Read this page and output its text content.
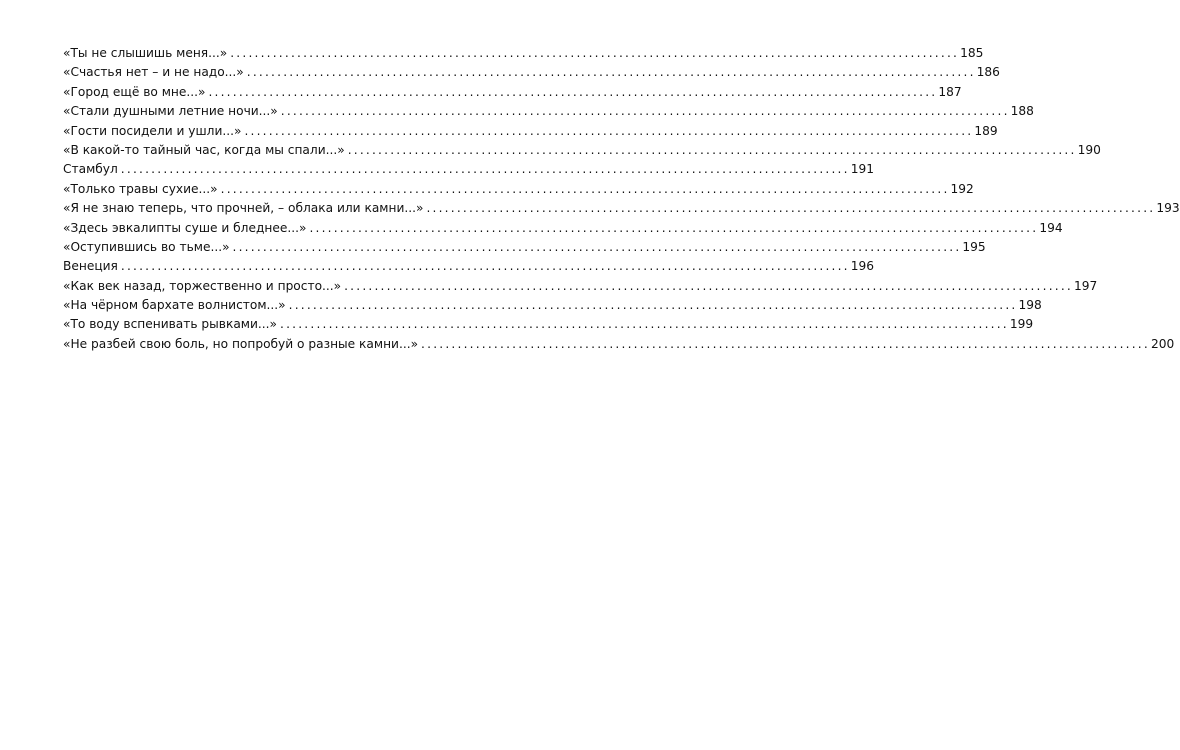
«Ты не слышишь меня...» ........................................................................................................................ 185
«Счастья нет – и не надо...» ........................................................................................................................ 186
«Город ещё во мне...» ........................................................................................................................ 187
«Стали душными летние ночи...» ........................................................................................................................ 188
«Гости посидели и ушли...» ........................................................................................................................ 189
«В какой-то тайный час, когда мы спали...» ........................................................................................................................ 190
Стамбул ........................................................................................................................ 191
«Только травы сухие...» ........................................................................................................................ 192
«Я не знаю теперь, что прочней, – облака или камни...» ........................................................................................................................ 193
«Здесь эвкалипты суше и бледнее...» ........................................................................................................................ 194
«Оступившись во тьме...» ........................................................................................................................ 195
Венеция ........................................................................................................................ 196
«Как век назад, торжественно и просто...» ........................................................................................................................ 197
«На чёрном бархате волнистом...» ........................................................................................................................ 198
«То воду вспенивать рывками...» ........................................................................................................................ 199
«Не разбей свою боль, но попробуй о разные камни...» ........................................................................................................................ 200
